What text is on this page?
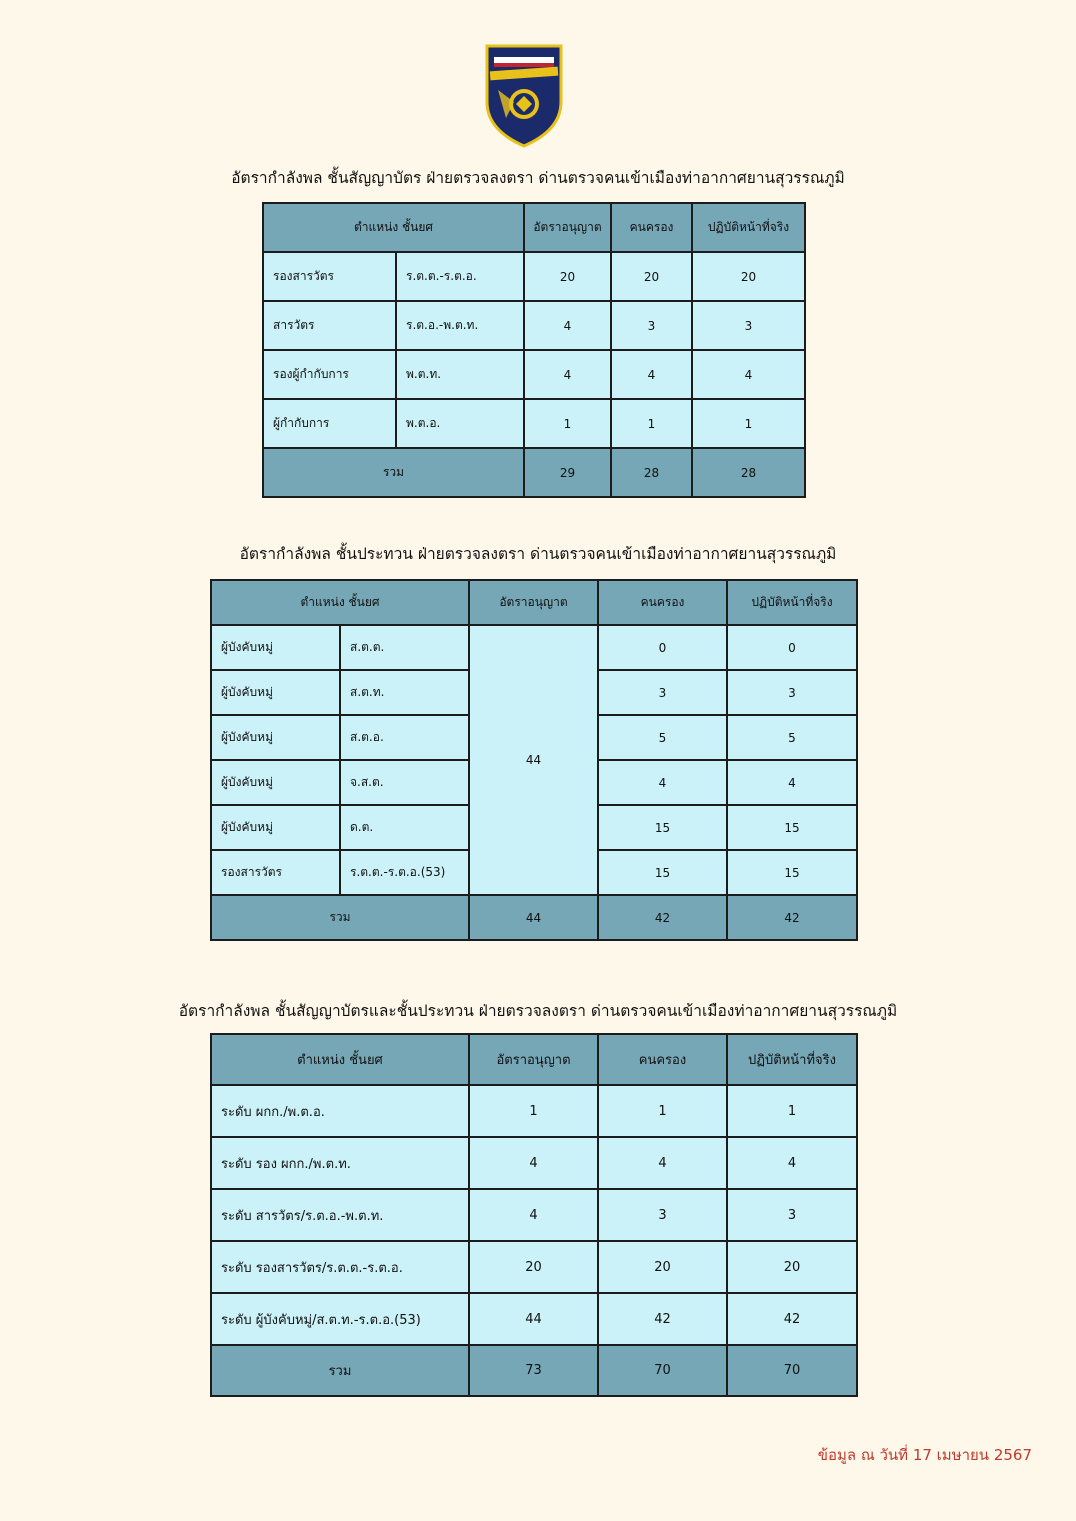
อัตรากำลังพล ชั้นสัญญาบัตร ฝ่ายตรวจลงตรา ด่านตรวจคนเข้าเมืองท่าอากาศยานสุวรรณภูมิ
ตำแหน่ง ชั้นยศ		อัตราอนุญาต	คนครอง	ปฏิบัติหน้าที่จริง
รองสารวัตร	ร.ต.ต.-ร.ต.อ.	20	20	20
สารวัตร	ร.ต.อ.-พ.ต.ท.	4	3	3
รองผู้กำกับการ	พ.ต.ท.	4	4	4
ผู้กำกับการ	พ.ต.อ.	1	1	1
รวม		29	28	28
อัตรากำลังพล ชั้นประทวน ฝ่ายตรวจลงตรา ด่านตรวจคนเข้าเมืองท่าอากาศยานสุวรรณภูมิ
ตำแหน่ง ชั้นยศ		อัตราอนุญาต	คนครอง	ปฏิบัติหน้าที่จริง
ผู้บังคับหมู่	ส.ต.ต.	44	0	0
ผู้บังคับหมู่	ส.ต.ท.		3	3
ผู้บังคับหมู่	ส.ต.อ.		5	5
ผู้บังคับหมู่	จ.ส.ต.		4	4
ผู้บังคับหมู่	ด.ต.		15	15
รองสารวัตร	ร.ต.ต.-ร.ต.อ.(53)		15	15
รวม		44	42	42
อัตรากำลังพล ชั้นสัญญาบัตรและชั้นประทวน ฝ่ายตรวจลงตรา ด่านตรวจคนเข้าเมืองท่าอากาศยานสุวรรณภูมิ
ตำแหน่ง ชั้นยศ	อัตราอนุญาต	คนครอง	ปฏิบัติหน้าที่จริง
ระดับ ผกก./พ.ต.อ.	1	1	1
ระดับ รอง ผกก./พ.ต.ท.	4	4	4
ระดับ สารวัตร/ร.ต.อ.-พ.ต.ท.	4	3	3
ระดับ รองสารวัตร/ร.ต.ต.-ร.ต.อ.	20	20	20
ระดับ ผู้บังคับหมู่/ส.ต.ท.-ร.ต.อ.(53)	44	42	42
รวม	73	70	70
ข้อมูล ณ วันที่ 17 เมษายน 2567
